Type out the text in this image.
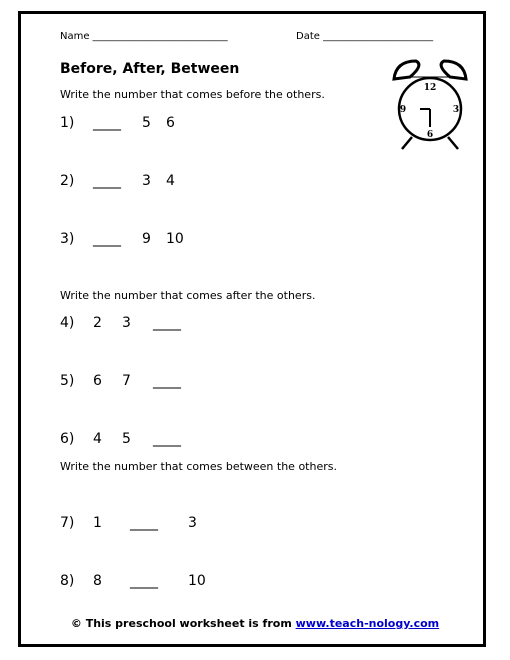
Name ___________________________	Date ______________________
Before, After, Between
12
3
6
9
Write the number that comes before the others.
1) ____ 5 6
2) ____ 3 4
3) ____ 9 10
Write the number that comes after the others.
4) 2 3 ____
5) 6 7 ____
6) 4 5 ____
Write the number that comes between the others.
7) 1 ____ 3
8) 8 ____ 10
© This preschool worksheet is from www.teach-nology.com
